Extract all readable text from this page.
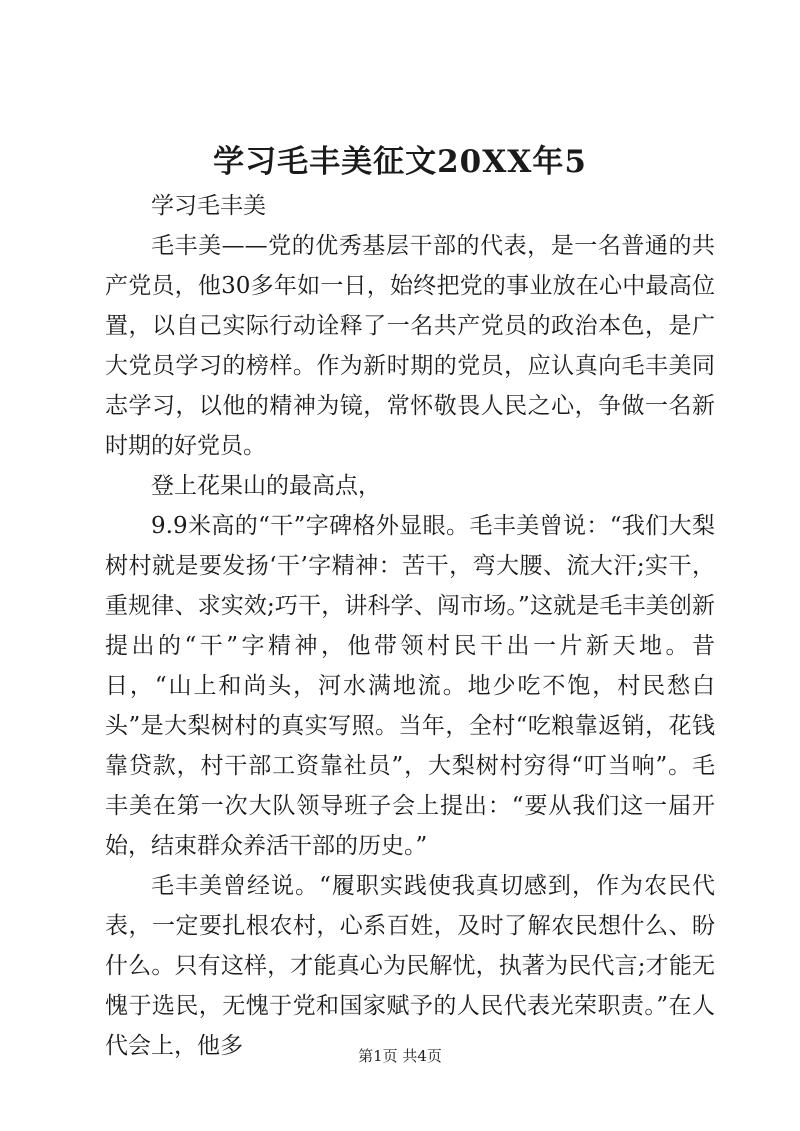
学习毛丰美征文20XX年5

学习毛丰美

毛丰美——党的优秀基层干部的代表，是一名普通的共产党员，他30多年如一日，始终把党的事业放在心中最高位置，以自己实际行动诠释了一名共产党员的政治本色，是广大党员学习的榜样。作为新时期的党员，应认真向毛丰美同志学习，以他的精神为镜，常怀敬畏人民之心，争做一名新时期的好党员。

登上花果山的最高点，

9.9米高的“干”字碑格外显眼。毛丰美曾说：“我们大梨树村就是要发扬‘干’字精神：苦干，弯大腰、流大汗;实干，重规律、求实效;巧干，讲科学、闯市场。”这就是毛丰美创新提出的“干”字精神，他带领村民干出一片新天地。昔日，“山上和尚头，河水满地流。地少吃不饱，村民愁白头”是大梨树村的真实写照。当年，全村“吃粮靠返销，花钱靠贷款，村干部工资靠社员”，大梨树村穷得“叮当响”。毛丰美在第一次大队领导班子会上提出：“要从我们这一届开始，结束群众养活干部的历史。”

毛丰美曾经说。“履职实践使我真切感到，作为农民代表，一定要扎根农村，心系百姓，及时了解农民想什么、盼什么。只有这样，才能真心为民解忧，执著为民代言;才能无愧于选民，无愧于党和国家赋予的人民代表光荣职责。”在人代会上，他多	第1页 共4页
